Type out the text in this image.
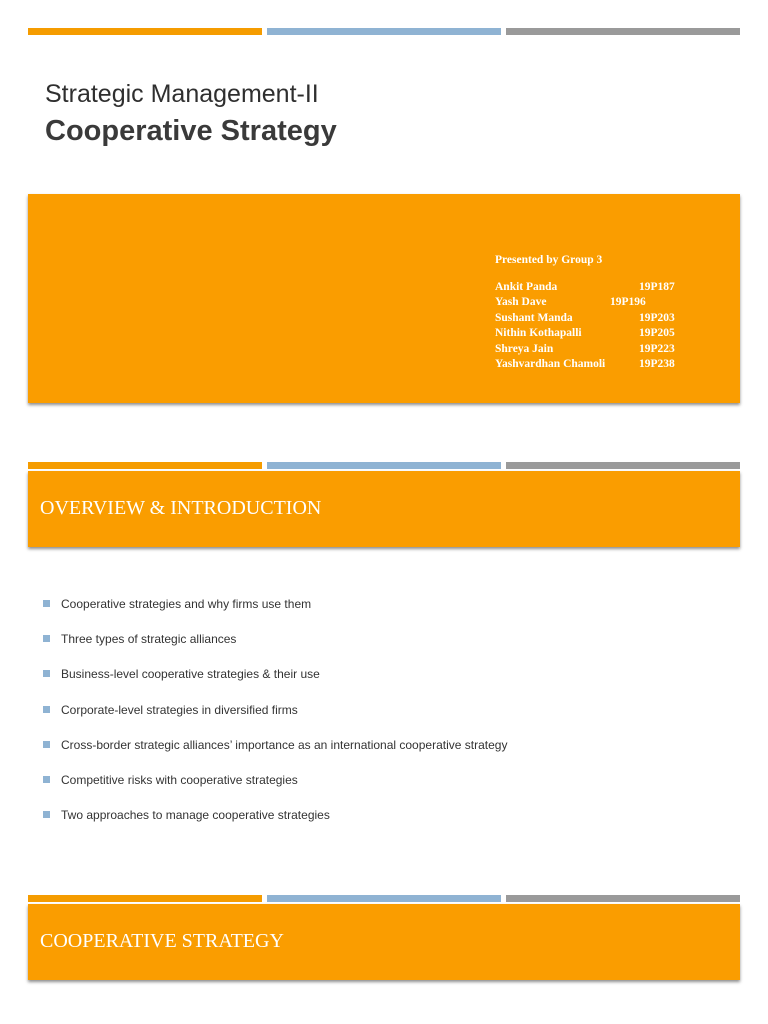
Strategic Management-II
Cooperative Strategy
Presented by Group 3
Ankit Panda	19P187
Yash Dave	19P196
Sushant Manda	19P203
Nithin Kothapalli	19P205
Shreya Jain	19P223
Yashvardhan Chamoli	19P238
OVERVIEW & INTRODUCTION
Cooperative strategies and why firms use them
Three types of strategic alliances
Business-level cooperative strategies & their use
Corporate-level strategies in diversified firms
Cross-border strategic alliances’ importance as an international cooperative strategy
Competitive risks with cooperative strategies
Two approaches to manage cooperative strategies
COOPERATIVE STRATEGY
